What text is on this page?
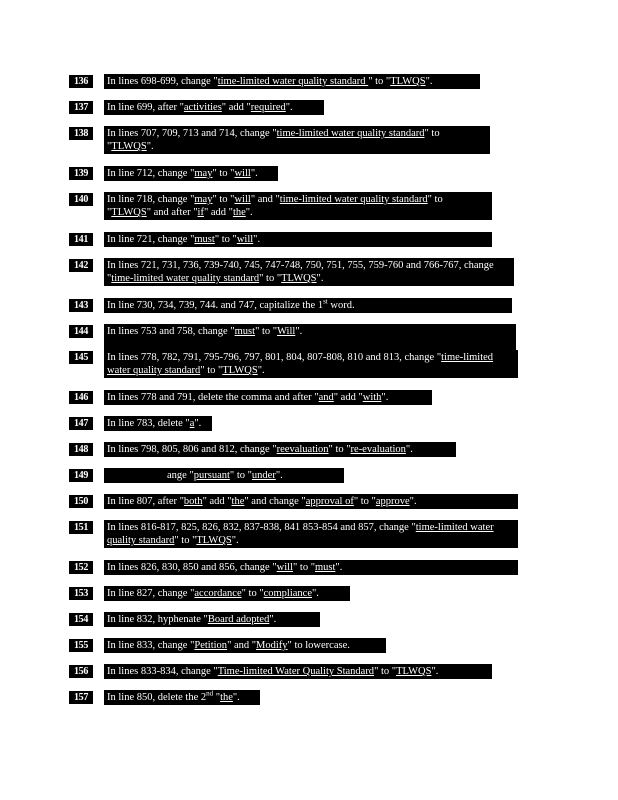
136	In lines 698-699, change "time-limited water quality standard " to "TLWQS".
137	In line 699, after "activities" add "required".
138	In lines 707, 709, 713 and 714, change "time-limited water quality standard" to "TLWQS".
139	In line 712, change "may" to "will".
140	In line 718, change "may" to "will" and "time-limited water quality standard" to "TLWQS" and after "if" add "the".
141	In line 721, change "must" to "will".
142	In lines 721, 731, 736, 739-740, 745, 747-748, 750, 751, 755, 759-760 and 766-767, change "time-limited water quality standard" to "TLWQS".
143	In line 730, 734, 739, 744. and 747, capitalize the 1st word.
144	In lines 753 and 758, change "must" to "Will".
145	In lines 778, 782, 791, 795-796, 797, 801, 804, 807-808, 810 and 813, change "time-limited water quality standard" to "TLWQS".
146	In lines 778 and 791, delete the comma and after "and" add "with".
147	In line 783, delete "a".
148	In lines 798, 805, 806 and 812, change "reevaluation" to "re-evaluation".
149	ange "pursuant" to "under".
150	In line 807, after "both" add "the" and change "approval of" to "approve".
151	In lines 816-817, 825, 826, 832, 837-838, 841 853-854 and 857, change "time-limited water quality standard" to "TLWQS".
152	In lines 826, 830, 850 and 856, change "will" to "must".
153	In line 827, change "accordance" to "compliance".
154	In line 832, hyphenate "Board adopted".
155	In line 833, change "Petition" and "Modify" to lowercase.
156	In lines 833-834, change "Time-limited Water Quality Standard" to "TLWQS".
157	In line 850, delete the 2nd "the".
